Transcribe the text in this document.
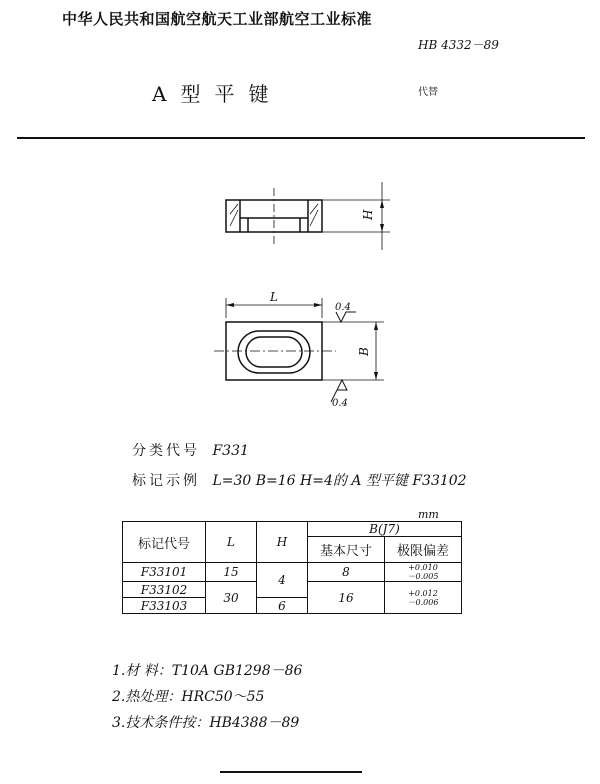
中华人民共和国航空航天工业部航空工业标准
HB 4332－89
A型平键	代替
H
L
B
0.4
0.4
分类代号 F331
标记示例 L=30 B=16 H=4的 A 型平键 F33102
mm
标记代号	L	H	B(J7)	
			基本尺寸	极限偏差
F33101	15	4	8	+0.010
－0.005

F33102	30		16	+0.012
－0.006

F33103		6		
1.材 料：T10A GB1298－86
2.热处理：HRC50～55
3.技术条件按：HB4388－89
